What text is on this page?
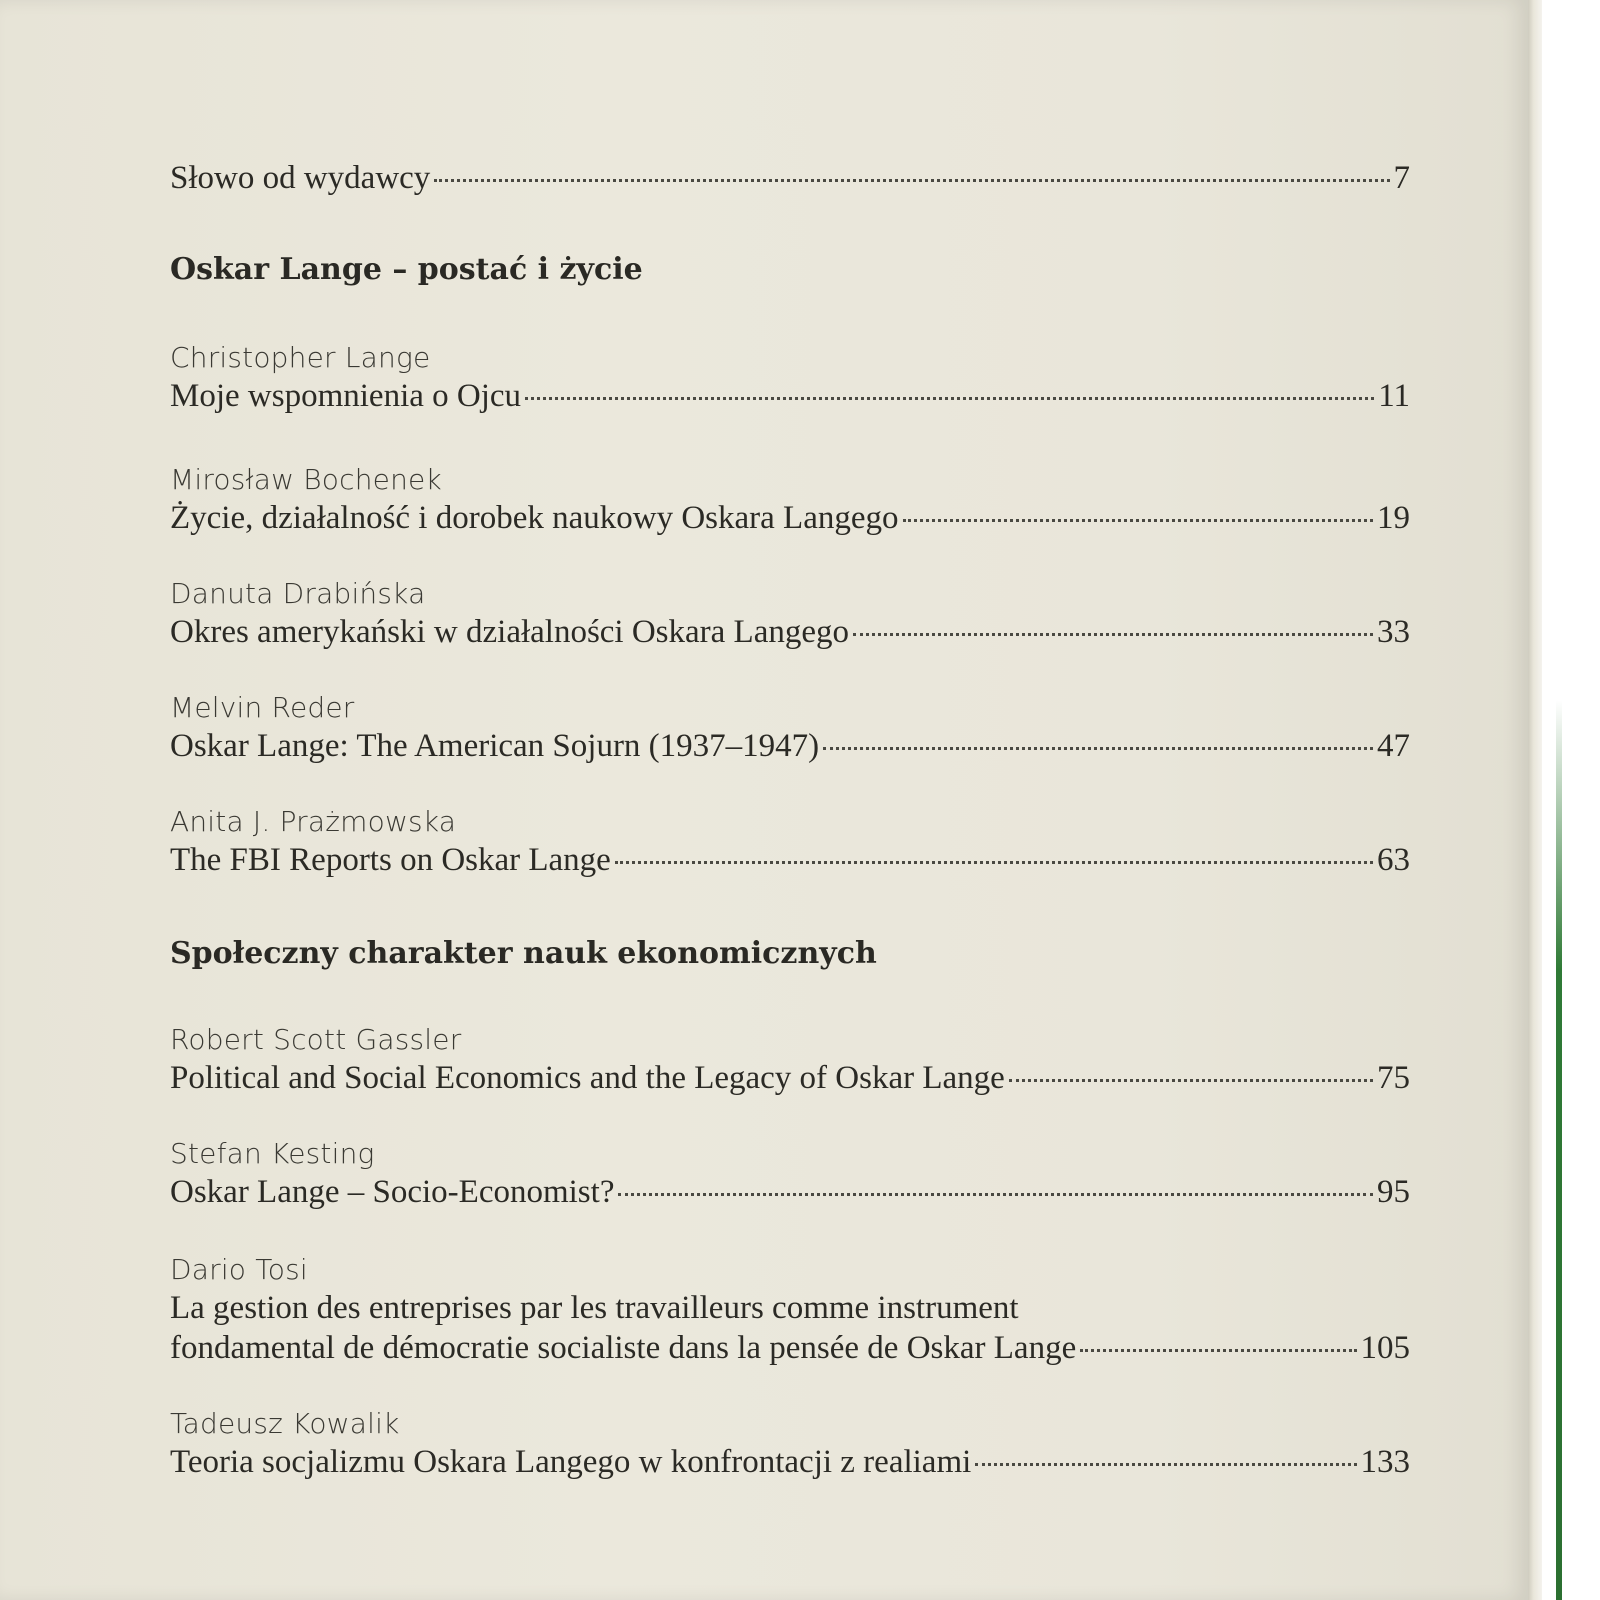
Słowo od wydawcy	7
Oskar Lange – postać i życie
Christopher Lange
Moje wspomnienia o Ojcu	11
Mirosław Bochenek
Życie, działalność i dorobek naukowy Oskara Langego	19
Danuta Drabińska
Okres amerykański w działalności Oskara Langego	33
Melvin Reder
Oskar Lange: The American Sojurn (1937–1947)	47
Anita J. Prażmowska
The FBI Reports on Oskar Lange	63
Społeczny charakter nauk ekonomicznych
Robert Scott Gassler
Political and Social Economics and the Legacy of Oskar Lange	75
Stefan Kesting
Oskar Lange – Socio-Economist?	95
Dario Tosi
La gestion des entreprises par les travailleurs comme instrument
fondamental de démocratie socialiste dans la pensée de Oskar Lange	105
Tadeusz Kowalik
Teoria socjalizmu Oskara Langego w konfrontacji z realiami	133
